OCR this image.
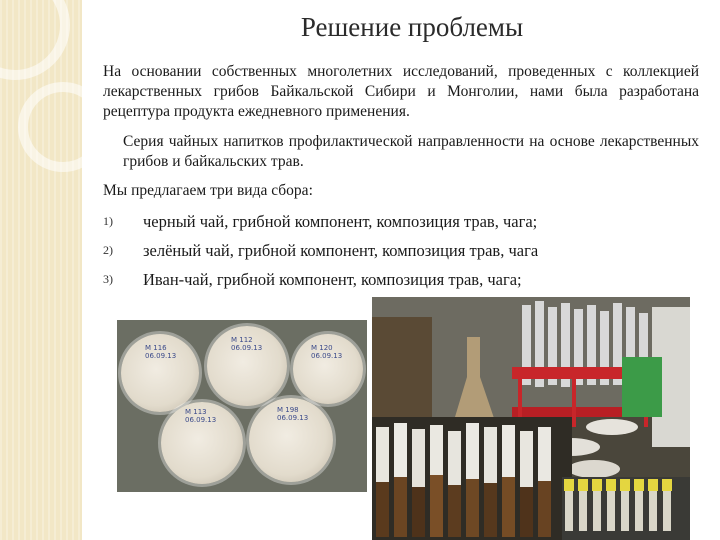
Решение проблемы
На основании собственных многолетних исследований, проведенных с коллекцией лекарственных грибов Байкальской Сибири и Монголии, нами была разработана рецептура продукта ежедневного применения.
Серия чайных напитков профилактической направленности на основе лекарственных грибов и байкальских трав.
Мы предлагаем три вида сбора:
1) черный чай, грибной компонент, композиция трав, чага;
2) зелёный чай, грибной компонент, композиция трав, чага
3) Иван-чай, грибной компонент, композиция трав, чага;
M 116
06.09.13
M 112
06.09.13	M 120
06.09.13
M 113
06.09.13
M 198
06.09.13
